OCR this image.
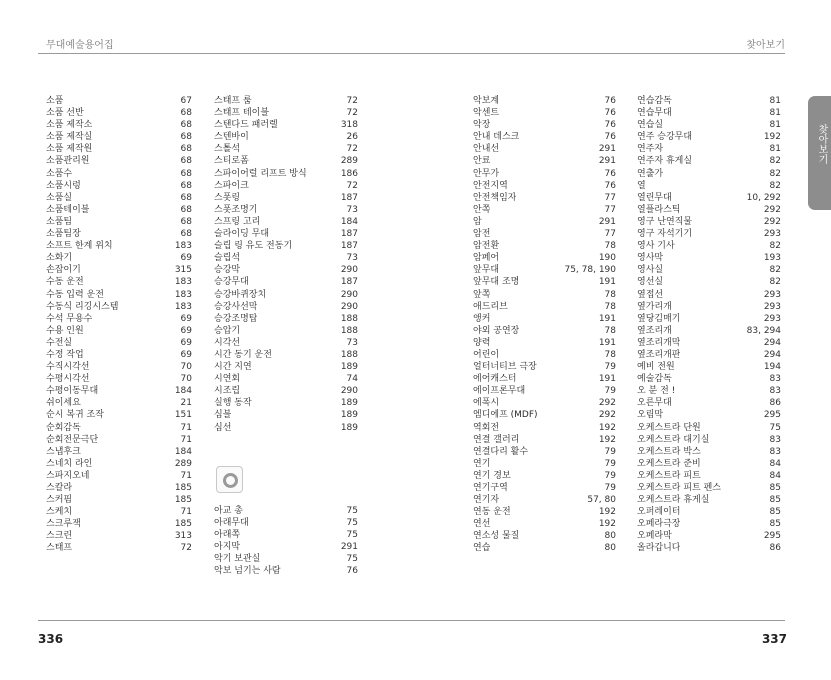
무대예술용어집	찾아보기
찾아보기
소품	67
소품 선반	68
소품 제작소	68
소품 제작실	68
소품 제작원	68
소품관리원	68
소품수	68
소품시렁	68
소품실	68
소품테이블	68
소품팀	68
소품팀장	68
소프트 한계 위치	183
소화기	69
손잡이기	315
수동 운전	183
수동 입력 운전	183
수동식 리깅시스템	183
수석 무용수	69
수용 인원	69
수전실	69
수정 작업	69
수직시각선	70
수평시각선	70
수평이동무대	184
쉬이세요	21
순시 복귀 조작	151
순회감독	71
순회전문극단	71
스냅후크	184
스네치 라인	289
스파지오네	71
스칼라	185
스커핌	185
스케치	71
스크루잭	185
스크린	313
스태프	72
스태프 룸	72
스태프 테이블	72
스탠다드 패러렐	318
스텐바이	26
스톨석	72
스티로폼	289
스파이어럴 리프트 방식	186
스파이크	72
스폿링	187
스폿조명기	73
스프링 고리	184
슬라이딩 무대	187
슬립 링 유도 전동기	187
슬립석	73
승강막	290
승강무대	187
승강바퀴장치	290
승강사선막	290
승강조명탑	188
승압기	188
시각선	73
시간 동기 운전	188
시간 지연	189
시연회	74
시조립	290
실행 동작	189
심블	189
심선	189
아교 총	75
아래무대	75
아래쪽	75
아지막	291
악기 보관실	75
악보 넘기는 사람	76
악보계	76
악센트	76
악장	76
안내 데스크	76
안내선	291
안료	291
안무가	76
안전지역	76
안전책임자	77
안쪽	77
암	291
암전	77
암전환	78
암페어	190
앞무대	75, 78, 190
앞무대 조명	191
앞쪽	78
애드리브	78
앵커	191
야외 공연장	78
양력	191
어린이	78
얼터너티브 극장	79
에어캐스터	191
에이프론무대	79
에폭시	292
엠디에프 (MDF)	292
역회전	192
연결 갤러리	192
연결다리 활수	79
연기	79
연기 경보	79
연기구역	79
연기자	57, 80
연동 운전	192
연선	192
연소성 물질	80
연습	80
연습감독	81
연습무대	81
연습실	81
연주 승강무대	192
연주자	81
연주자 휴게실	82
연출가	82
열	82
열린무대	10, 292
열플라스틱	292
영구 난연직물	292
영구 자석기기	293
영사 기사	82
영사막	193
영사실	82
영선실	82
옆접선	293
옆가리개	293
옆당김매기	293
옆조리개	83, 294
옆조리개막	294
옆조리개판	294
예비 전원	194
예술감독	83
오 분 전 !	83
오른무대	86
오림막	295
오케스트라 단원	75
오케스트라 대기실	83
오케스트라 박스	83
오케스트라 준비	84
오케스트라 피트	84
오케스트라 피트 펜스	85
오케스트라 휴게실	85
오퍼레이터	85
오페라극장	85
오페라막	295
올라갑니다	86
336	337
